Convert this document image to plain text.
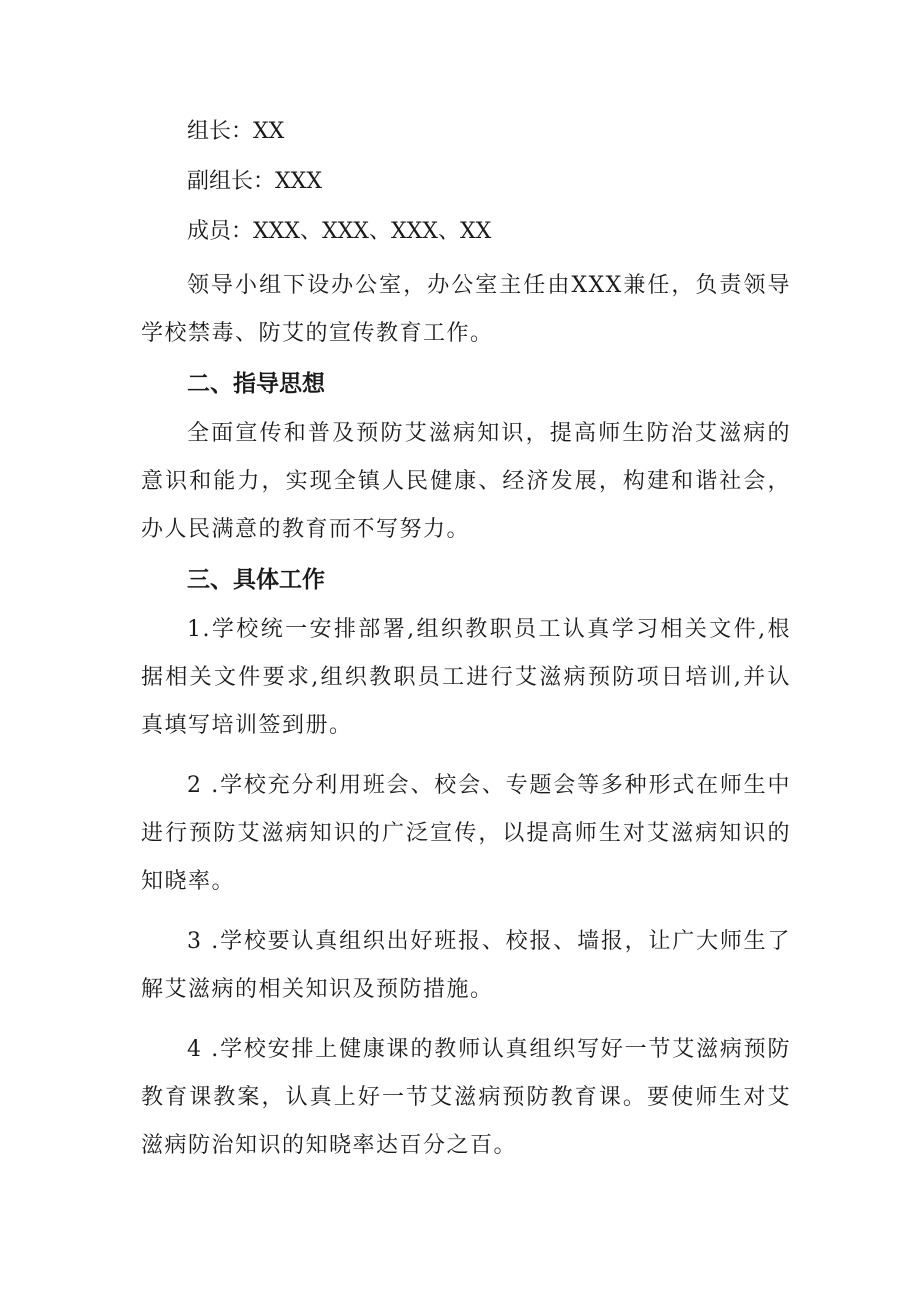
组长：XX
副组长：XXX
成员：XXX、XXX、XXX、XX
领导小组下设办公室，办公室主任由XXX兼任，负责领导学校禁毒、防艾的宣传教育工作。
二、指导思想
全面宣传和普及预防艾滋病知识，提高师生防治艾滋病的意识和能力，实现全镇人民健康、经济发展，构建和谐社会，办人民满意的教育而不写努力。
三、具体工作
1.学校统一安排部署,组织教职员工认真学习相关文件,根据相关文件要求,组织教职员工进行艾滋病预防项日培训,并认真填写培训签到册。
2 .学校充分利用班会、校会、专题会等多种形式在师生中进行预防艾滋病知识的广泛宣传，以提高师生对艾滋病知识的知晓率。
3 .学校要认真组织出好班报、校报、墙报，让广大师生了解艾滋病的相关知识及预防措施。
4 .学校安排上健康课的教师认真组织写好一节艾滋病预防教育课教案，认真上好一节艾滋病预防教育课。要使师生对艾滋病防治知识的知晓率达百分之百。
